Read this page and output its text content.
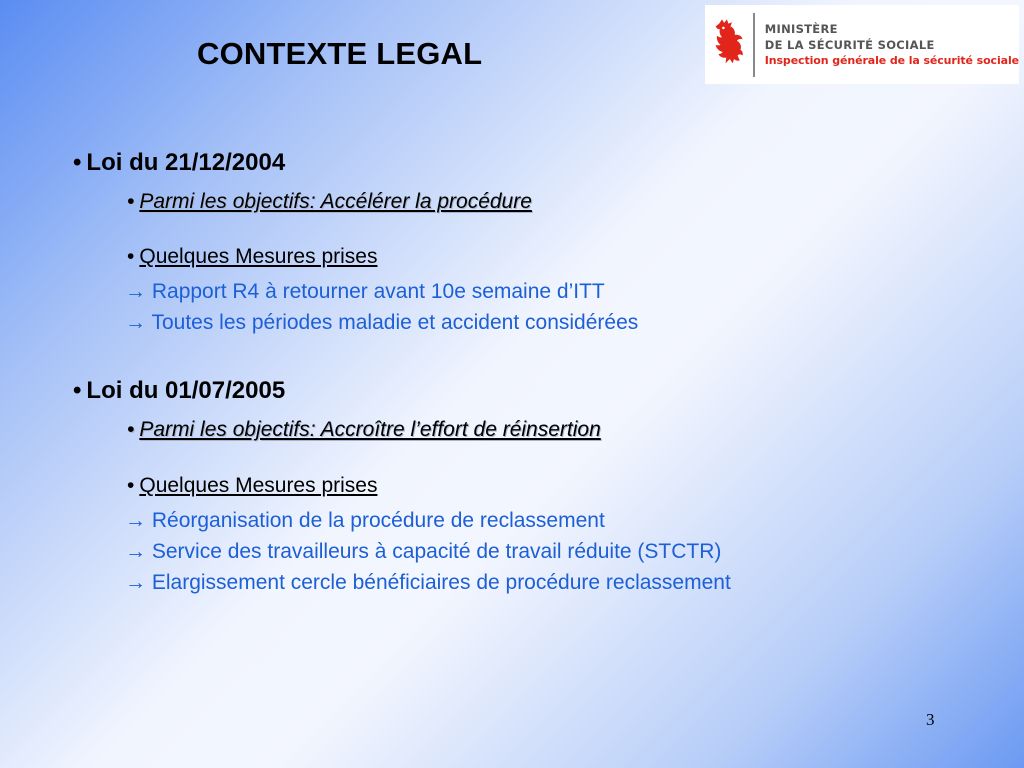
CONTEXTE LEGAL
MINISTÈRE
DE LA SÉCURITÉ SOCIALE
Inspection générale de la sécurité sociale
• Loi du 21/12/2004
• Parmi les objectifs: Accélérer la procédure
• Quelques Mesures prises
→ Rapport R4 à retourner avant 10e semaine d’ITT
→ Toutes les périodes maladie et accident considérées
• Loi du 01/07/2005
• Parmi les objectifs: Accroître l’effort de réinsertion
• Quelques Mesures prises
→ Réorganisation de la procédure de reclassement
→ Service des travailleurs à capacité de travail réduite (STCTR)
→ Elargissement cercle bénéficiaires de procédure reclassement
3
